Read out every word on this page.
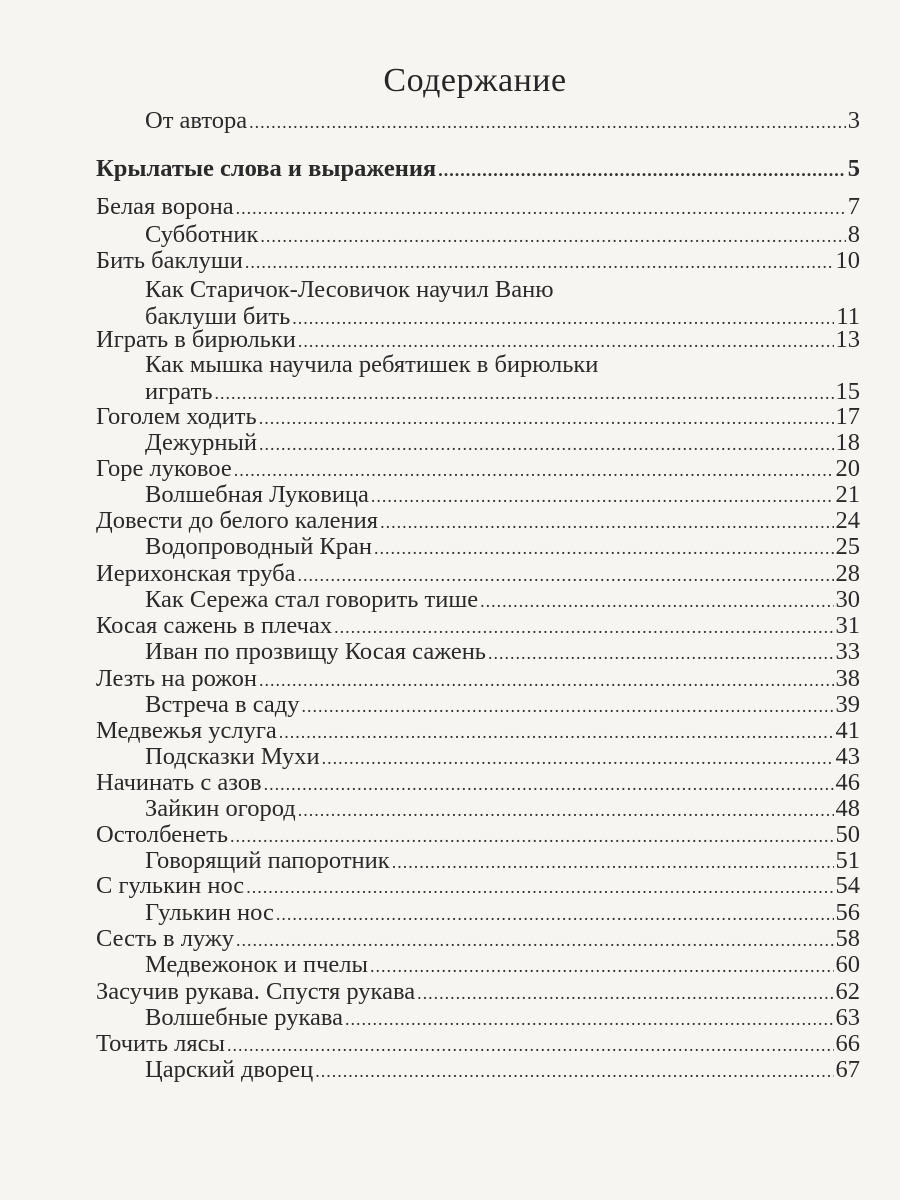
Содержание
От автора .....	3
Крылатые слова и выражения .....	5
Белая ворона .....	7
Субботник .....	8
Бить баклуши .....	10
Как Старичок-Лесовичок научил Ваню
баклуши бить .....	11
Играть в бирюльки .....	13
Как мышка научила ребятишек в бирюльки
играть .....	15
Гоголем ходить .....	17
Дежурный .....	18
Горе луковое .....	20
Волшебная Луковица .....	21
Довести до белого каления .....	24
Водопроводный Кран .....	25
Иерихонская труба .....	28
Как Сережа стал говорить тише .....	30
Косая сажень в плечах .....	31
Иван по прозвищу Косая сажень .....	33
Лезть на рожон .....	38
Встреча в саду .....	39
Медвежья услуга .....	41
Подсказки Мухи .....	43
Начинать с азов .....	46
Зайкин огород .....	48
Остолбенеть .....	50
Говорящий папоротник .....	51
С гулькин нос .....	54
Гулькин нос .....	56
Сесть в лужу .....	58
Медвежонок и пчелы .....	60
Засучив рукава. Спустя рукава .....	62
Волшебные рукава .....	63
Точить лясы .....	66
Царский дворец .....	67
